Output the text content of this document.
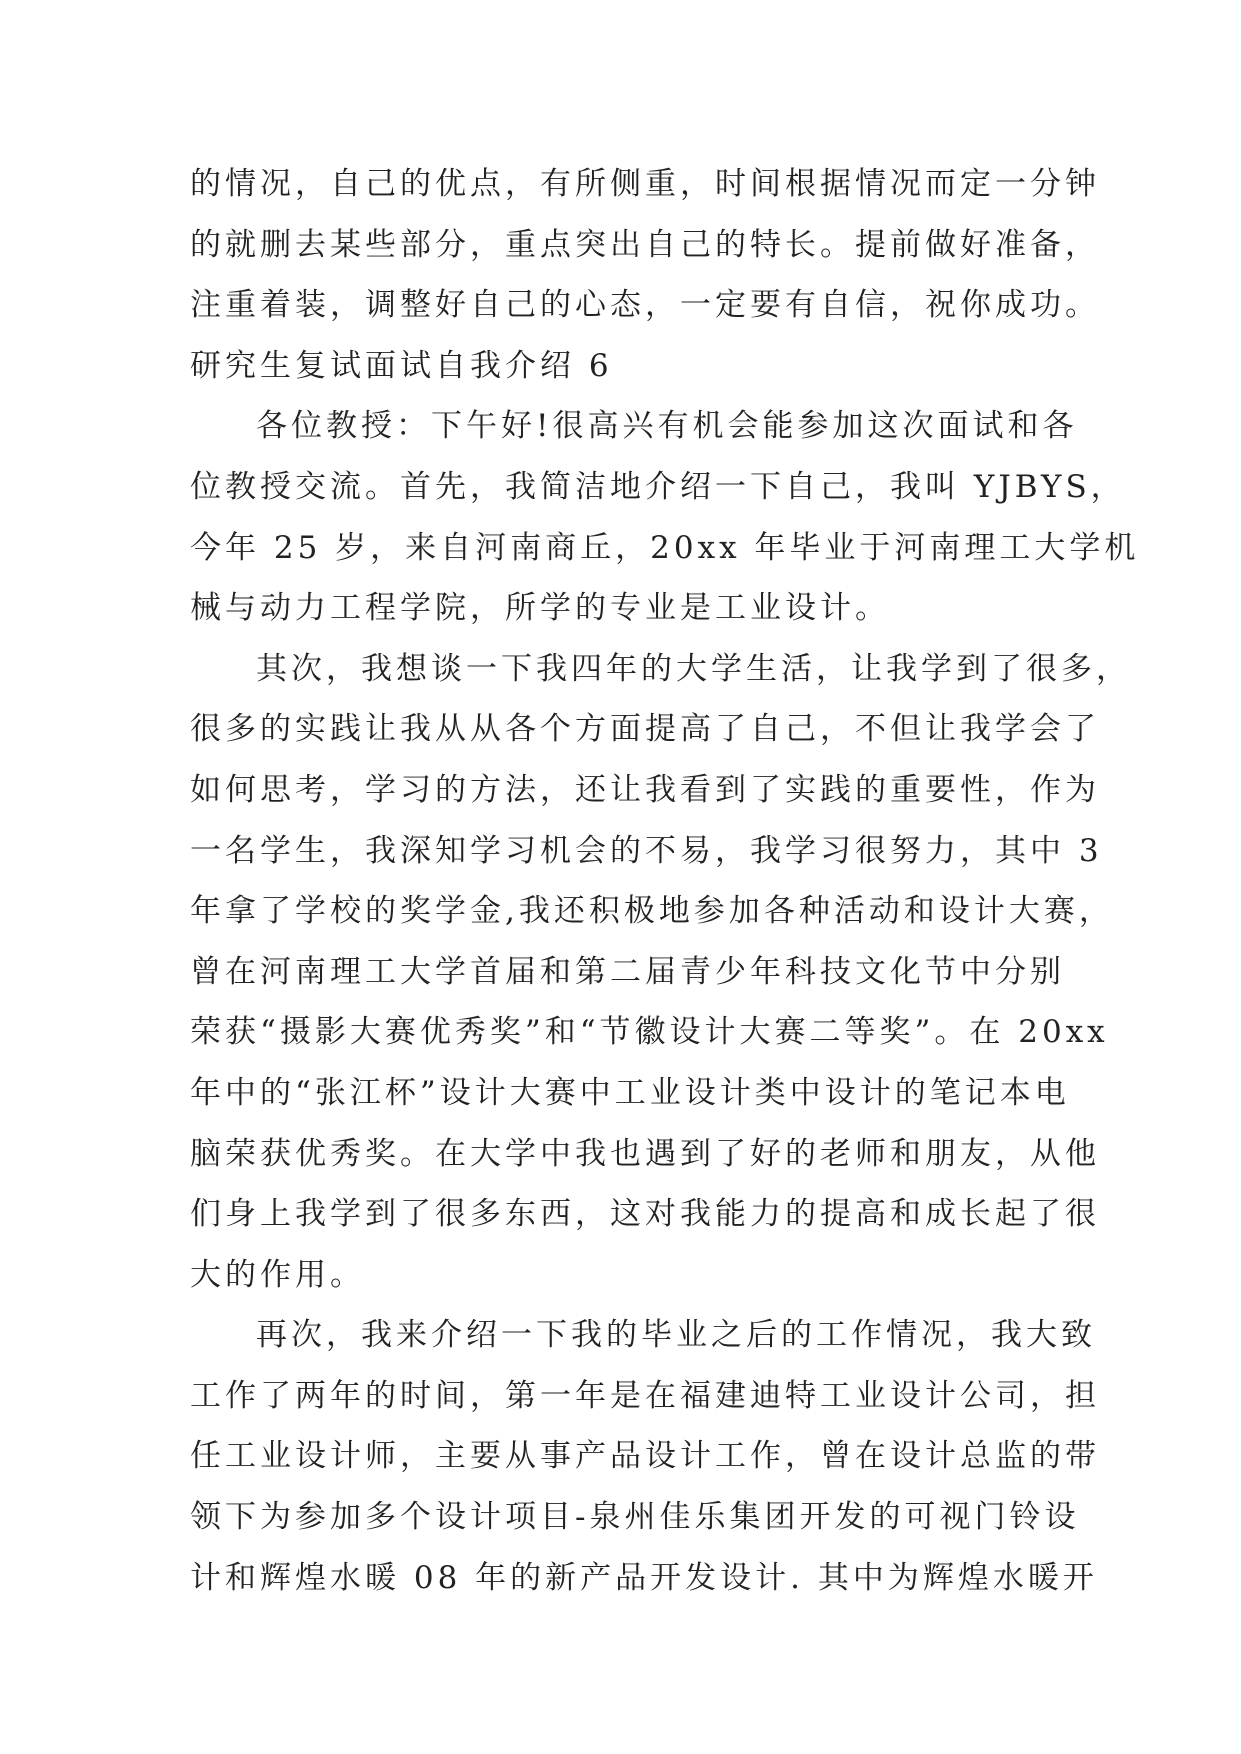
的情况，自己的优点，有所侧重，时间根据情况而定一分钟
的就删去某些部分，重点突出自己的特长。提前做好准备，
注重着装，调整好自己的心态，一定要有自信，祝你成功。
研究生复试面试自我介绍 6
各位教授：下午好!很高兴有机会能参加这次面试和各
位教授交流。首先，我简洁地介绍一下自己，我叫 YJBYS，
今年 25 岁，来自河南商丘，20xx 年毕业于河南理工大学机
械与动力工程学院，所学的专业是工业设计。
其次，我想谈一下我四年的大学生活，让我学到了很多，
很多的实践让我从从各个方面提高了自己，不但让我学会了
如何思考，学习的方法，还让我看到了实践的重要性，作为
一名学生，我深知学习机会的不易，我学习很努力，其中 3
年拿了学校的奖学金,我还积极地参加各种活动和设计大赛，
曾在河南理工大学首届和第二届青少年科技文化节中分别
荣获“摄影大赛优秀奖”和“节徽设计大赛二等奖”。在 20xx
年中的“张江杯”设计大赛中工业设计类中设计的笔记本电
脑荣获优秀奖。在大学中我也遇到了好的老师和朋友，从他
们身上我学到了很多东西，这对我能力的提高和成长起了很
大的作用。
再次，我来介绍一下我的毕业之后的工作情况，我大致
工作了两年的时间，第一年是在福建迪特工业设计公司，担
任工业设计师，主要从事产品设计工作，曾在设计总监的带
领下为参加多个设计项目-泉州佳乐集团开发的可视门铃设
计和辉煌水暖 08 年的新产品开发设计. 其中为辉煌水暖开
